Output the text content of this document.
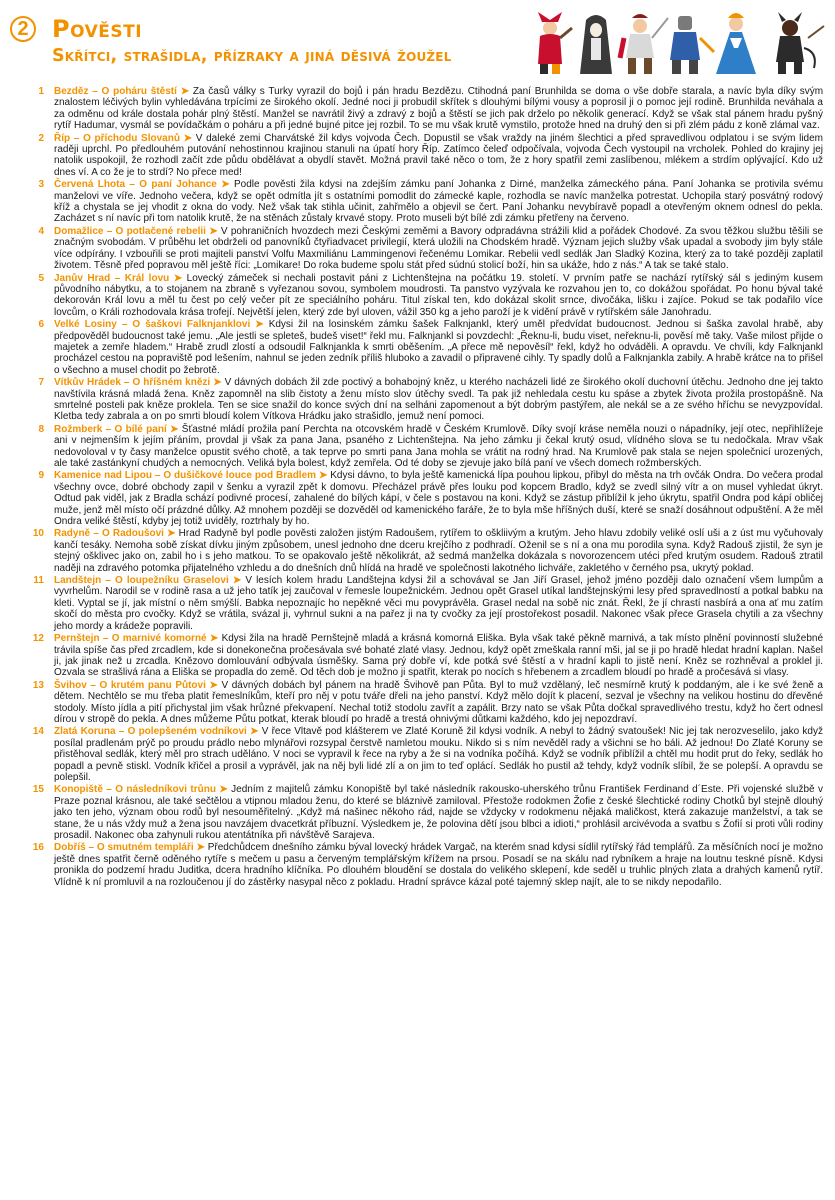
2 Pověsti
Skřítci, strašidla, přízraky a jiná děsivá žoužel
1 Bezděz – O poháru štěstí ➤ Za časů války s Turky vyrazil do bojů i pán hradu Bezdězu. Ctihodná paní Brunhilda se doma o vše dobře starala, a navíc byla díky svým znalostem léčivých bylin vyhledávána trpícími ze širokého okolí. Jedné noci ji probudil skřítek s dlouhými bílými vousy a poprosil ji o pomoc její rodině. Brunhilda neváhala a za odměnu od krále dostala pohár plný štěstí. Manžel se navrátil živý a zdravý z bojů a štěstí se jich pak drželo po několik generací. Když se však stal pánem hradu pyšný rytíř Hadumar, vysmál se povídačkám o poháru a při jedné bujné pitce jej rozbil. To se mu však krutě vymstilo, protože hned na druhý den si při zlém pádu z koně zlámal vaz.

2 Říp – O příchodu Slovanů ➤ V daleké zemi Charvátské žil kdys vojvoda Čech. Dopustil se však vraždy na jiném šlechtici a před spravedlivou odplatou i se svým lidem raději uprchl. Po předlouhém putování nehostinnou krajinou stanuli na úpatí hory Říp. Zatímco čeleď odpočívala, vojvoda Čech vystoupil na vrcholek. Pohled do krajiny jej natolik uspokojil, že rozhodl začít zde půdu obdělávat a obydlí stavět. Možná pravil také něco o tom, že z hory spatřil zemi zaslíbenou, mlékem a strdím oplývající. Kdo už dnes ví. A co že je to strdí? No přece med!

3 Červená Lhota – O paní Johance ➤ Podle pověsti žila kdysi na zdejším zámku paní Johanka z Dirné, manželka zámeckého pána. Paní Johanka se protivila svému manželovi ve víře. Jednoho večera, když se opět odmítla jít s ostatními pomodlit do zámecké kaple, rozhodla se navíc manželka potrestat. Uchopila starý posvátný rodový kříž a chystala se jej vhodit z okna do vody. Než však tak stihla učinit, zahřmělo a objevil se čert. Paní Johanku nevybíravě popadl a otevřeným oknem odnesl do pekla. Zacházet s ní navíc při tom natolik krutě, že na stěnách zůstaly krvavé stopy. Proto museli být bílé zdi zámku přetřeny na červeno.

4 Domažlice – O potlačené rebelii ➤ V pohraničních hvozdech mezi Českými zeměmi a Bavory odpradávna strážili klid a pořádek Chodové. Za svou těžkou službu těšili se značným svobodám. V průběhu let obdrželi od panovníků čtyřiadvacet privilegií, která uložili na Chodském hradě. Význam jejich služby však upadal a svobody jim byly stále více odpírány. I vzbouřili se proti majiteli panství Volfu Maxmiliánu Lammingenovi řečenému Lomikar. Rebelii vedl sedlák Jan Sladký Kozina, který za to také později zaplatil životem. Těsně před popravou měl ještě říci: „Lomikare! Do roka budeme spolu stát před súdnú stolicí boží, hin sa ukáže, hdo z nás.“ A tak se také stalo.

5 Janův Hrad – Král lovu ➤ Lovecký zámeček si nechali postavit páni z Lichtenštejna na počátku 19. století. V prvním patře se nachází rytířský sál s jediným kusem původního nábytku, a to stojanem na zbraně s vyřezanou sovou, symbolem moudrosti. Ta panstvo vyzývala ke rozvahou jen to, co dokážou spořádat. Po honu býval také dekorován Král lovu a měl tu čest po celý večer pít ze speciálního poháru. Titul získal ten, kdo dokázal skolit srnce, divočáka, lišku i zajíce. Pokud se tak podařilo více lovcům, o Králi rozhodovala krása trofejí. Největší jelen, který zde byl uloven, vážil 350 kg a jeho paroží je k vidění právě v rytířském sále Janohradu.

6 Velké Losiny – O šaškovi Falknjanklovi ➤ Kdysi žil na losinském zámku šašek Falknjankl, který uměl předvídat budoucnost. Jednou si šaška zavolal hrabě, aby předpověděl budoucnost také jemu. „Ale jestli se spleteš, budeš viset!“ řekl mu. Falknjankl si povzdechl: „Řeknu-li, budu viset, neřeknu-li, pověsí mě taky. Vaše milost přijde o majetek a zemře hladem.“ Hrabě zrudl zlostí a odsoudil Falknjankla k smrti oběšením. „A přece mě nepověsíl“ řekl, když ho odváděli. A opravdu. Ve chvíli, kdy Falknjankl procházel cestou na popraviště pod lešením, nahnul se jeden zedník příliš hluboko a zavadil o připravené cihly. Ty spadly dolů a Falknjankla zabily. A hrabě krátce na to přišel o všechno a musel chodit po žebrotě.

7 Vítkův Hrádek – O hříšném knězi ➤ V dávných dobách žil zde poctivý a bohabojný kněz, u kterého nacházeli lidé ze širokého okolí duchovní útěchu. Jednoho dne jej takto navštívila krásná mladá žena. Kněz zapomněl na slib čistoty a ženu místo slov útěchy svedl. Ta pak již nehledala cestu ku spáse a zbytek života prožila prostopášně. Na smrtelné posteli pak kněze proklela. Ten se sice snažil do konce svých dní na selháni zapomenout a být dobrým pastýřem, ale nekál se a ze svého hříchu se nevyzpovídal. Kletba tedy zabrala a on po smrti bloudí kolem Vítkova Hrádku jako strašidlo, jemuž není pomoci.

8 Rožmberk – O bílé paní ➤ Šťastné mládí prožila paní Perchta na otcovském hradě v Českém Krumlově. Díky svojí kráse neměla nouzi o nápadníky, její otec, nepřihlížeje ani v nejmenším k jejím přáním, provdal ji však za pana Jana, psaného z Lichtenštejna. Na jeho zámku ji čekal krutý osud, vlídného slova se tu nedočkala. Mrav však nedovoloval v ty časy manželce opustit svého chotě, a tak teprve po smrti pana Jana mohla se vrátit na rodný hrad. Na Krumlově pak stala se nejen společnicí urozených, ale také zastánkyní chudých a nemocných. Veliká byla bolest, když zemřela. Od té doby se zjevuje jako bílá paní ve všech domech rožmberských.

9 Kamenice nad Lipou – O dušičkové louce pod Bradlem ➤ Kdysi dávno, to byla ještě kamenická lípa pouhou lipkou, přibyl do města na trh ovčák Ondra. Do večera prodal všechny ovce, dobré obchody zapil v šenku a vyrazil zpět k domovu. Přecházel právě přes louku pod kopcem Bradlo, když se zvedl silný vítr a on musel vyhledat úkryt. Odtud pak viděl, jak z Bradla schází podivné procesí, zahalené do bílých kápí, v čele s postavou na koni. Když se zástup přiblížil k jeho úkrytu, spatřil Ondra pod kápí obličej muže, jenž měl místo očí prázdné důlky. Až mnohem později se dozvěděl od kamenického faráře, že to byla mše hříšných duší, které se snaží dosáhnout odpuštění. A že měl Ondra veliké štěstí, kdyby jej totiž uviděly, roztrhaly by ho.

10 Radyně – O Radoušovi ➤ Hrad Radyně byl podle pověsti založen jistým Radoušem, rytířem to oškliivým a krutým. Jeho hlavu zdobily veliké oslí uši a z úst mu vyčuhovaly kančí tesáky. Nemoha sobě získat dívku jiným způsobem, unesl jednoho dne dceru krejčího z podhradí. Oženil se s ní a ona mu porodila syna. Když Radouš zjistil, že syn je stejný ošklivec jako on, zabil ho i s jeho matkou. To se opakovalo ještě několikrát, až sedmá manželka dokázala s novorozencem utéci před krutým osudem. Radouš ztratil naději na zdravého potomka přijatelného vzhledu a do dnešních dnů hlídá na hradě ve společnosti lakotného lichváře, zakletého v černého psa, ukrytý poklad.

11 Landštejn – O loupežníku Graselovi ➤ V lesích kolem hradu Landštejna kdysi žil a schovával se Jan Jiří Grasel, jehož jméno později dalo označení všem lumpům a vyvrhelům. Narodil se v rodině rasa a už jeho tatík jej zaučoval v řemesle loupežnickém. Jednou opět Grasel utíkal landštejnskými lesy před spravedlností a potkal babku na kleti. Vyptal se jí, jak místní o něm smýšlí. Babka nepoznajíc ho nepěkné věci mu povyprávěla. Grasel nedal na sobě nic znát. Řekl, že jí chrastí nasbírá a ona ať mu zatím skočí do města pro cvočky. Když se vrátila, svázal ji, vyhrnul sukni a na pařez ji na ty cvočky za její prostořekost posadil. Nakonec však přece Grasela chytili a za všechny jeho mordy a krádeže popravili.

12 Pernštejn – O marnivé komorné ➤ Kdysi žila na hradě Pernštejně mladá a krásná komorná Eliška. Byla však také pěkně marnivá, a tak místo plnění povinností služebné trávila spíše čas před zrcadlem, kde si donekonečna pročesávala své bohaté zlaté vlasy. Jednou, když opět zmeškala ranní mši, jal se ji po hradě hledat hradní kaplan. Našel ji, jak jinak než u zrcadla. Knězovo domlouvání odbývala úsměšky. Sama prý dobře ví, kde potká své štěstí a v hradní kapli to jistě není. Kněz se rozhněval a proklel ji. Ozvala se strašlivá rána a Eliška se propadla do země. Od těch dob je možno ji spatřit, kterak po nocích s hřebenem a zrcadlem bloudí po hradě a pročesává si vlasy.

13 Švihov – O krutém panu Půtovi ➤ V dávných dobách byl pánem na hradě Švihově pan Půta. Byl to muž vzdělaný, leč nesmírně krutý k poddaným, ale i ke své ženě a dětem. Nechtělo se mu třeba platit řemeslníkům, kteří pro něj v potu tváře dřeli na jeho panství. Když mělo dojít k placení, sezval je všechny na velikou hostinu do dřevěné stodoly. Místo jídla a pití přichystal jim však hrůzné překvapení. Nechal totiž stodolu zavřít a zapálit. Brzy nato se však Půta dočkal spravedlivého trestu, když ho čert odnesl dírou v stropě do pekla. A dnes můžeme Půtu potkat, kterak bloudí po hradě a trestá ohnivými důtkami každého, kdo jej nepozdraví.

14 Zlatá Koruna – O polepšeném vodníkovi ➤ V řece Vltavě pod klášterem ve Zlaté Koruně žil kdysi vodník. A nebyl to žádný svatoušek! Nic jej tak nerozveselilo, jako když posílal pradlenám prýč po proudu prádlo nebo mlynářovi rozsypal čerstvě namletou mouku. Nikdo si s ním nevěděl rady a všichni se ho báli. Až jednou! Do Zlaté Koruny se přistěhoval sedlák, který měl pro strach uděláno. V noci se vypravil k řece na ryby a že si na vodníka počíhá. Když se vodník přiblížil a chtěl mu hodit prut do řeky, sedlák ho popadl a pevně stiskl. Vodník křičel a prosil a vyprávěl, jak na něj byli lidé zlí a on jim to teď oplácí. Sedlák ho pustil až tehdy, když vodník slíbil, že se polepší. A opravdu se polepšil.

15 Konopiště – O následníkovi trůnu ➤ Jedním z majitelů zámku Konopiště byl také následník rakousko-uherského trůnu František Ferdinand d´Este. Při vojenské službě v Praze poznal krásnou, ale také sečtělou a vtipnou mladou ženu, do které se bláznivě zamiloval. Přestože rodokmen Žofie z české šlechtické rodiny Chotků byl stejně dlouhý jako ten jeho, význam obou rodů byl nesouměřitelný. „Když má našinec někoho rád, najde se vždycky v rodokmenu nějaká maličkost, která zakazuje manželství, a tak se stane, že u nás vždy muž a žena jsou navzájem dvacetkrát příbuzní. Výsledkem je, že polovina dětí jsou blbci a idioti,“ prohlásil arcivévoda a svatbu s Žofií si proti vůli rodiny prosadil. Nakonec oba zahynuli rukou atentátníka při návštěvě Sarajeva.

16 Dobříš – O smutném templáři ➤ Předchůdcem dnešního zámku býval lovecký hrádek Vargač, na kterém snad kdysi sídlil rytířský řád templářů. Za měsíčních nocí je možno ještě dnes spatřit černě oděného rytíře s mečem u pasu a červeným templářským křížem na prsou. Posadí se na skálu nad rybníkem a hraje na loutnu teskné písně. Kdysi pronikla do podzemí hradu Juditka, dcera hradního klíčníka. Po dlouhém bloudění se dostala do velikého sklepení, kde seděl u truhlic plných zlata a drahých kamenů rytíř. Vlídně k ní promluvil a na rozloučenou jí do zástěrky nasypal něco z pokladu. Hradní správce kázal poté tajemný sklep najít, ale to se nikdy nepodařilo.
